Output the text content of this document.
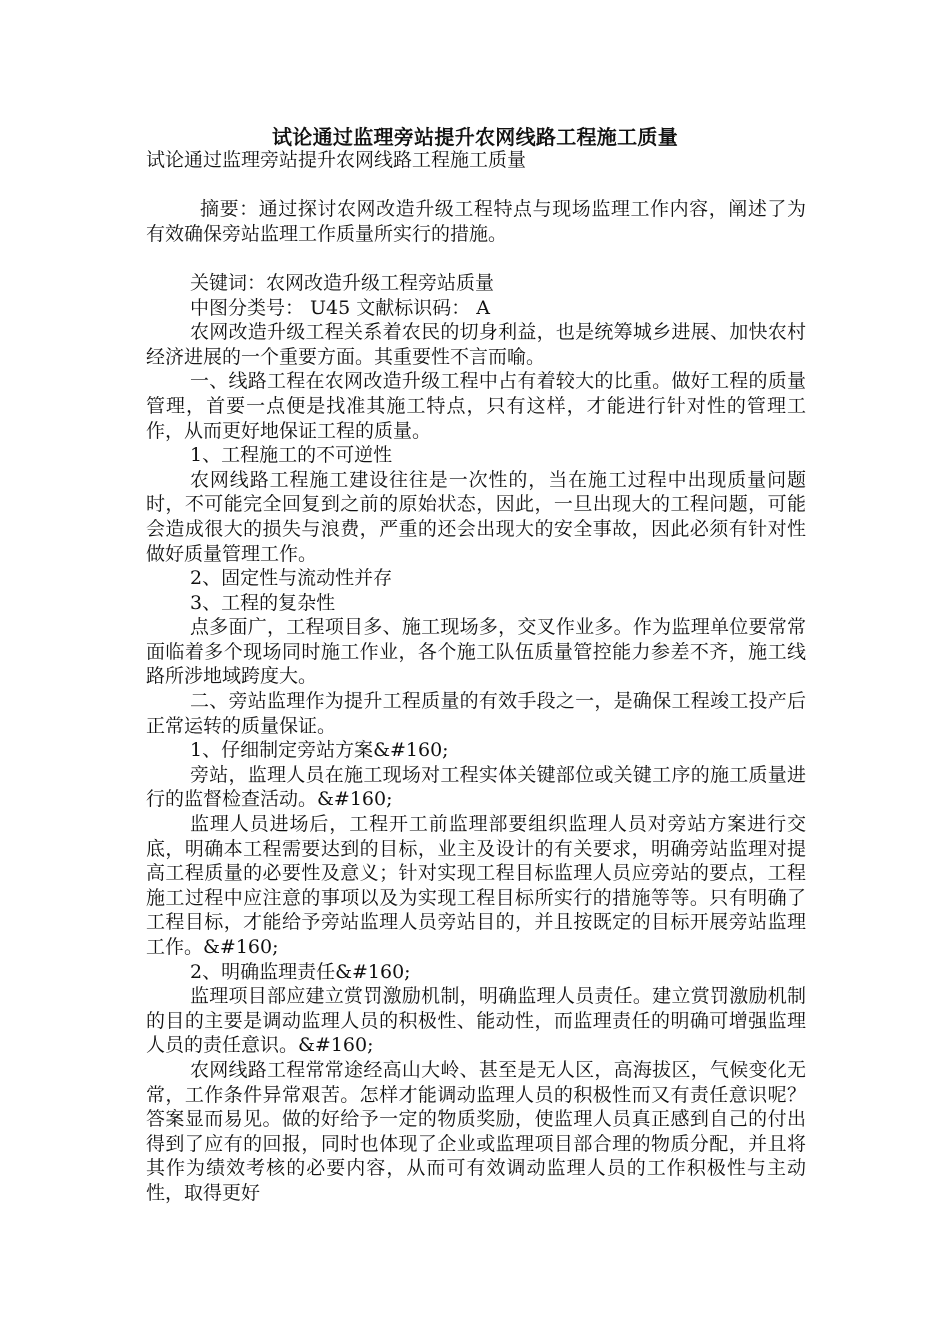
试论通过监理旁站提升农网线路工程施工质量

试论通过监理旁站提升农网线路工程施工质量

摘要：通过探讨农网改造升级工程特点与现场监理工作内容，阐述了为有效确保旁站监理工作质量所实行的措施。

关键词：农网改造升级工程旁站质量

中图分类号： U45 文献标识码： A

农网改造升级工程关系着农民的切身利益，也是统筹城乡进展、加快农村经济进展的一个重要方面。其重要性不言而喻。

一、线路工程在农网改造升级工程中占有着较大的比重。做好工程的质量管理，首要一点便是找准其施工特点，只有这样，才能进行针对性的管理工作，从而更好地保证工程的质量。

1、工程施工的不可逆性

农网线路工程施工建设往往是一次性的，当在施工过程中出现质量问题时，不可能完全回复到之前的原始状态，因此，一旦出现大的工程问题，可能会造成很大的损失与浪费，严重的还会出现大的安全事故，因此必须有针对性做好质量管理工作。

2、固定性与流动性并存

3、工程的复杂性

点多面广，工程项目多、施工现场多，交叉作业多。作为监理单位要常常面临着多个现场同时施工作业，各个施工队伍质量管控能力参差不齐，施工线路所涉地域跨度大。

二、旁站监理作为提升工程质量的有效手段之一，是确保工程竣工投产后正常运转的质量保证。

1、仔细制定旁站方案&#160;

旁站，监理人员在施工现场对工程实体关键部位或关键工序的施工质量进行的监督检查活动。&#160;

监理人员进场后，工程开工前监理部要组织监理人员对旁站方案进行交底，明确本工程需要达到的目标，业主及设计的有关要求，明确旁站监理对提高工程质量的必要性及意义；针对实现工程目标监理人员应旁站的要点，工程施工过程中应注意的事项以及为实现工程目标所实行的措施等等。只有明确了工程目标，才能给予旁站监理人员旁站目的，并且按既定的目标开展旁站监理工作。&#160;

2、明确监理责任&#160;

监理项目部应建立赏罚激励机制，明确监理人员责任。建立赏罚激励机制的目的主要是调动监理人员的积极性、能动性，而监理责任的明确可增强监理人员的责任意识。&#160;

农网线路工程常常途经高山大岭、甚至是无人区，高海拔区，气候变化无常，工作条件异常艰苦。怎样才能调动监理人员的积极性而又有责任意识呢？答案显而易见。做的好给予一定的物质奖励，使监理人员真正感到自己的付出得到了应有的回报，同时也体现了企业或监理项目部合理的物质分配，并且将其作为绩效考核的必要内容，从而可有效调动监理人员的工作积极性与主动性，取得更好
